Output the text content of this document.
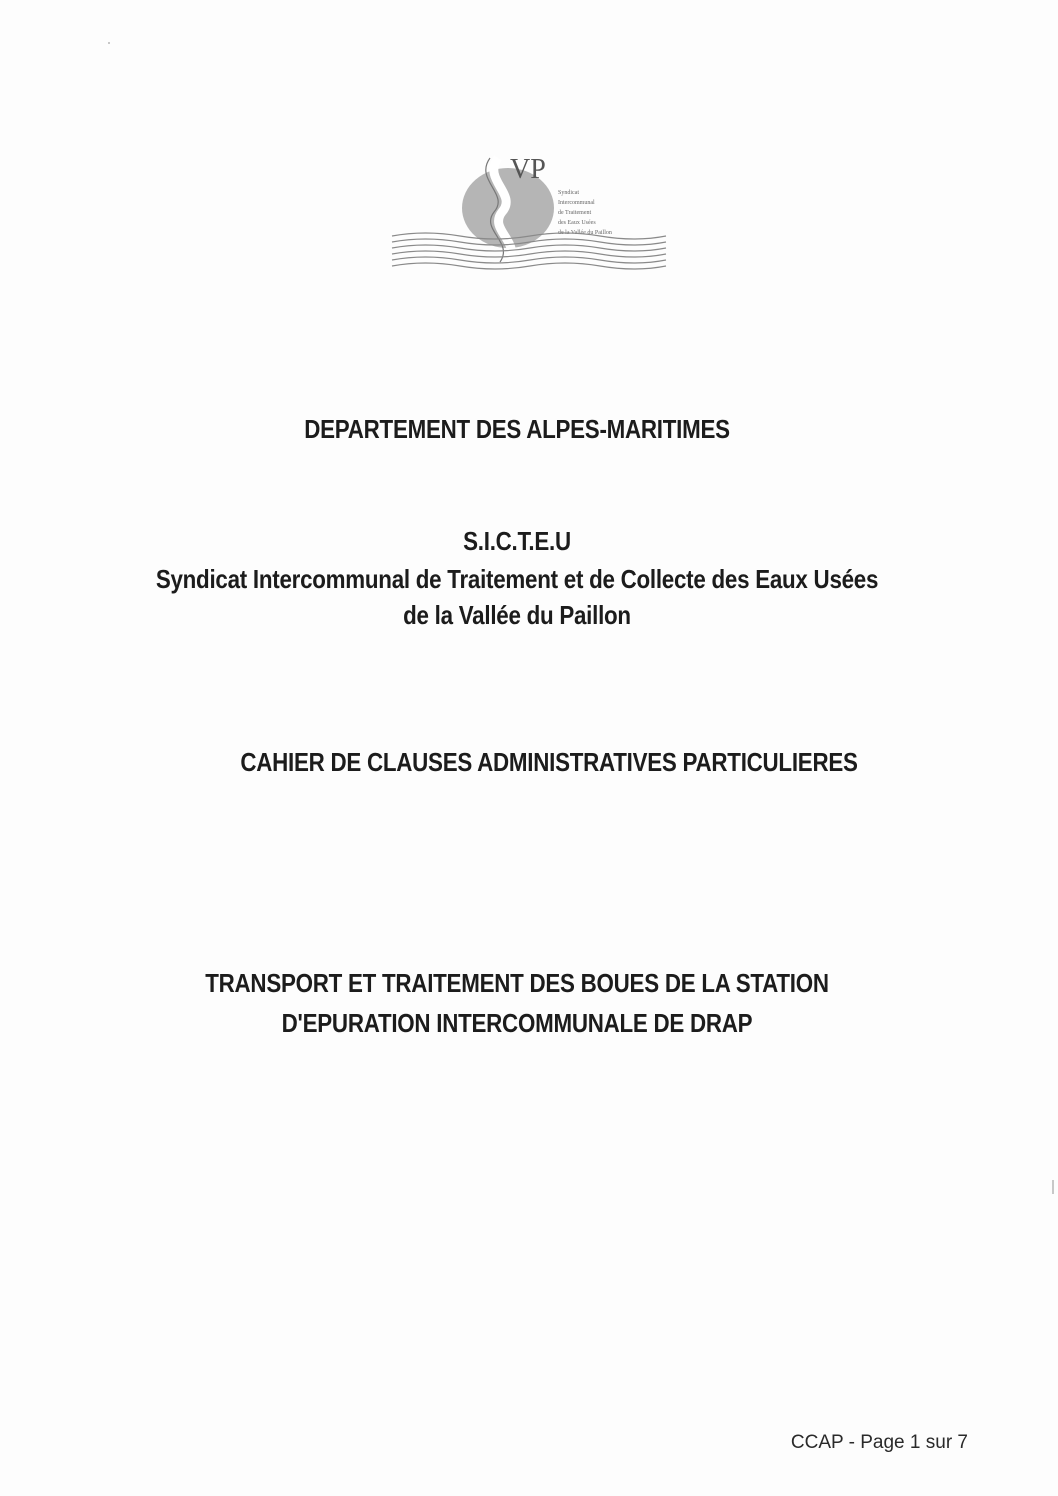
VP
Syndicat
Intercommunal
de Traitement
des Eaux Usées
de la Vallée du Paillon
DEPARTEMENT DES ALPES-MARITIMES
S.I.C.T.E.U
Syndicat Intercommunal de Traitement et de Collecte des Eaux Usées
de la Vallée du Paillon
CAHIER DE CLAUSES ADMINISTRATIVES PARTICULIERES
TRANSPORT ET TRAITEMENT DES BOUES DE LA STATION
D'EPURATION INTERCOMMUNALE DE DRAP
CCAP - Page 1 sur 7
